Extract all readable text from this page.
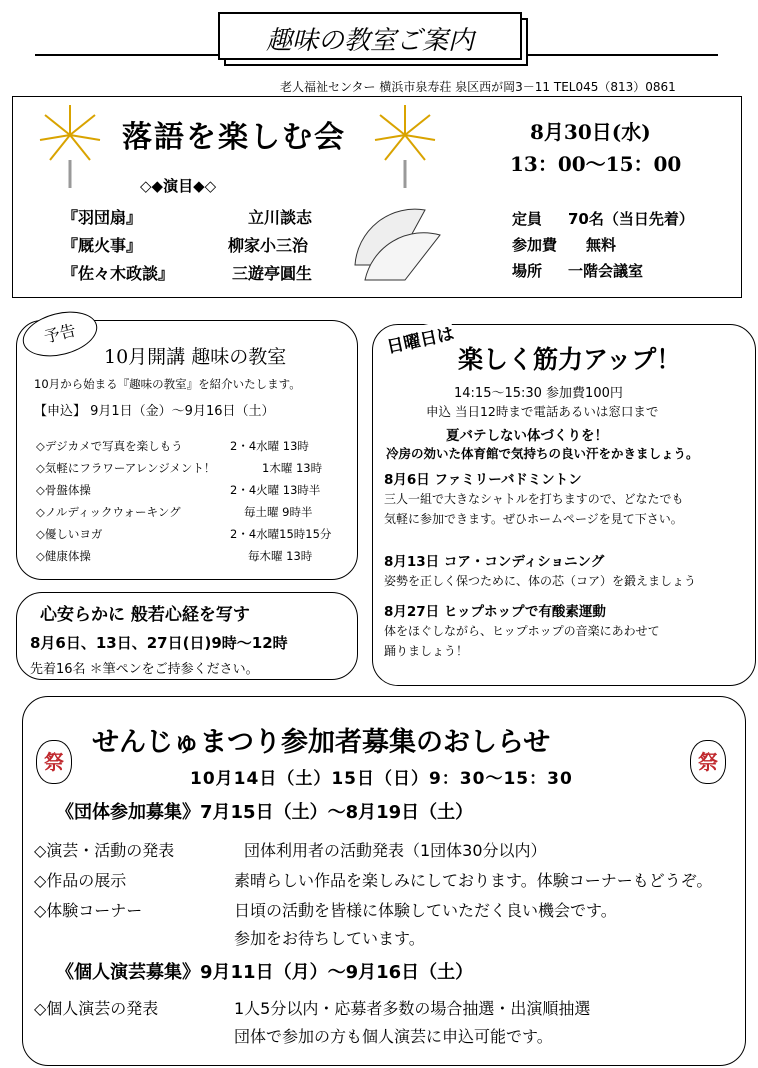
趣味の教室ご案内
老人福祉センター 横浜市泉寿荘 泉区西が岡3－11 TEL045（813）0861
落語を楽しむ会	8月30日(水)
13：00～15：00
◇◆演目◆◇
『羽団扇』	立川談志
『厩火事』	柳家小三治
『佐々木政談』	三遊亭圓生
定員 70名（当日先着）
参加費 無料
場所 一階会議室
予告
10月開講 趣味の教室
10月から始まる『趣味の教室』を紹介いたします。
【申込】 9月1日（金）～9月16日（土）
◇デジカメで写真を楽しもう	2・4水曜 13時
◇気軽にフラワーアレンジメント！	1木曜 13時
◇骨盤体操	2・4火曜 13時半
◇ノルディックウォーキング	毎土曜 9時半
◇優しいヨガ	2・4水曜15時15分
◇健康体操	毎木曜 13時
心安らかに 般若心経を写す
8月6日、13日、27日(日)9時～12時
先着16名 ＊筆ペンをご持参ください。
日曜日は
楽しく筋力アップ！
14:15～15:30 参加費100円
申込 当日12時まで電話あるいは窓口まで
夏バテしない体づくりを！
冷房の効いた体育館で気持ちの良い汗をかきましょう。
8月6日 ファミリーバドミントン
三人一組で大きなシャトルを打ちますので、どなたでも
気軽に参加できます。ぜひホームページを見て下さい。
8月13日 コア・コンディショニング
姿勢を正しく保つために、体の芯（コア）を鍛えましょう
8月27日 ヒップホップで有酸素運動
体をほぐしながら、ヒップホップの音楽にあわせて
踊りましょう！
祭	祭
せんじゅまつり参加者募集のおしらせ
10月14日（土）15日（日）9：30～15：30
《団体参加募集》7月15日（土）～8月19日（土）
◇演芸・活動の発表	団体利用者の活動発表（1団体30分以内）
◇作品の展示	素晴らしい作品を楽しみにしております。体験コーナーもどうぞ。
◇体験コーナー	日頃の活動を皆様に体験していただく良い機会です。
参加をお待ちしています。
《個人演芸募集》9月11日（月）～9月16日（土）
◇個人演芸の発表	1人5分以内・応募者多数の場合抽選・出演順抽選
団体で参加の方も個人演芸に申込可能です。
